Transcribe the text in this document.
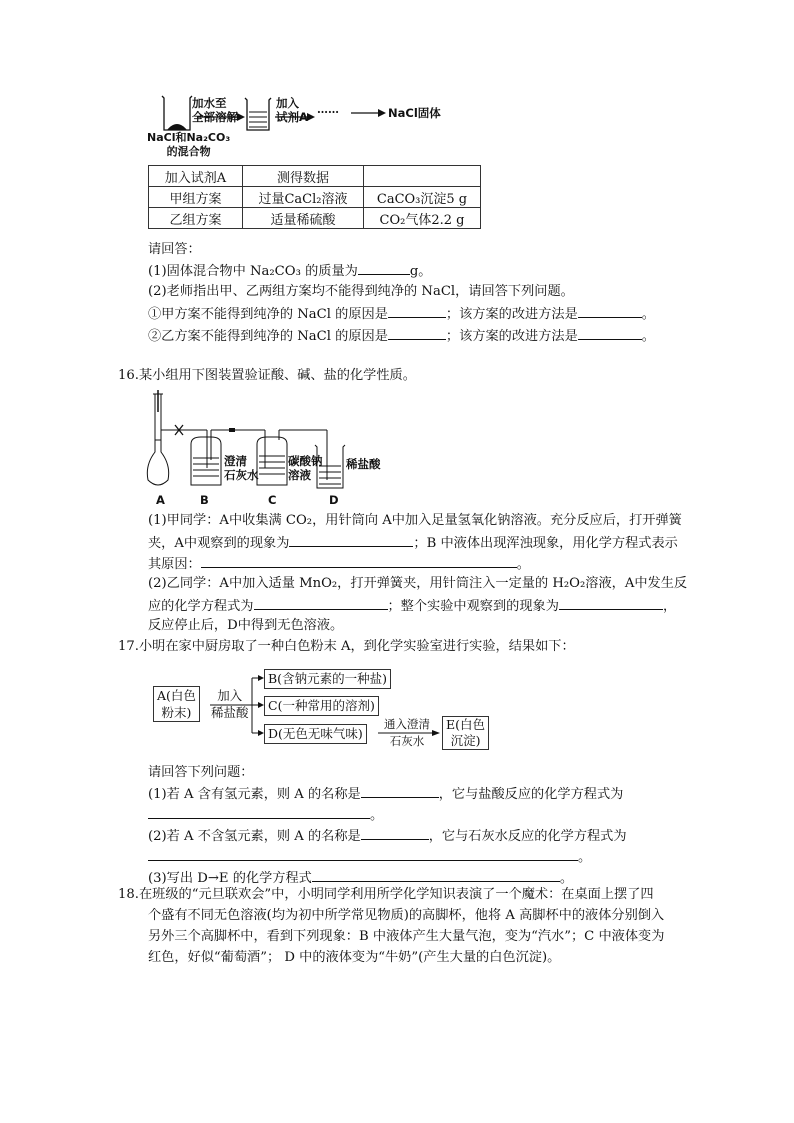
加水至
全部溶解
加入
试剂A
……	NaCl固体
NaCl和Na₂CO₃
的混合物
加入试剂A	测得数据	
甲组方案	过量CaCl₂溶液	CaCO₃沉淀5 g
乙组方案	适量稀硫酸	CO₂气体2.2 g
请回答：
(1)固体混合物中 Na₂CO₃ 的质量为	g。
(2)老师指出甲、乙两组方案均不能得到纯净的 NaCl，请回答下列问题。
①甲方案不能得到纯净的 NaCl 的原因是	；该方案的改进方法是	。
②乙方案不能得到纯净的 NaCl 的原因是	；该方案的改进方法是	。
16.某小组用下图装置验证酸、碱、盐的化学性质。
澄清
石灰水
碳酸钠
溶液
稀盐酸
A	B	C	D
(1)甲同学：A中收集满 CO₂，用针筒向 A中加入足量氢氧化钠溶液。充分反应后，打开弹簧
夹，A中观察到的现象为	；B 中液体出现浑浊现象，用化学方程式表示
其原因：	。
(2)乙同学：A中加入适量 MnO₂，打开弹簧夹，用针筒注入一定量的 H₂O₂溶液，A中发生反
应的化学方程式为	；整个实验中观察到的现象为	，
反应停止后，D中得到无色溶液。
17.小明在家中厨房取了一种白色粉末 A，到化学实验室进行实验，结果如下：
A(白色
粉末)
加入
稀盐酸
B(含钠元素的一种盐)
C(一种常用的溶剂)
D(无色无味气味)
通入澄清
石灰水
E(白色
沉淀)
请回答下列问题：
(1)若 A 含有氢元素，则 A 的名称是	，它与盐酸反应的化学方程式为
。
(2)若 A 不含氢元素，则 A 的名称是	，它与石灰水反应的化学方程式为
。
(3)写出 D→E 的化学方程式	。
18.在班级的“元旦联欢会”中，小明同学利用所学化学知识表演了一个魔术：在桌面上摆了四
个盛有不同无色溶液(均为初中所学常见物质)的高脚杯，他将 A 高脚杯中的液体分别倒入
另外三个高脚杯中，看到下列现象：B 中液体产生大量气泡，变为“汽水”；C 中液体变为
红色，好似“葡萄酒”； D 中的液体变为“牛奶”(产生大量的白色沉淀)。
